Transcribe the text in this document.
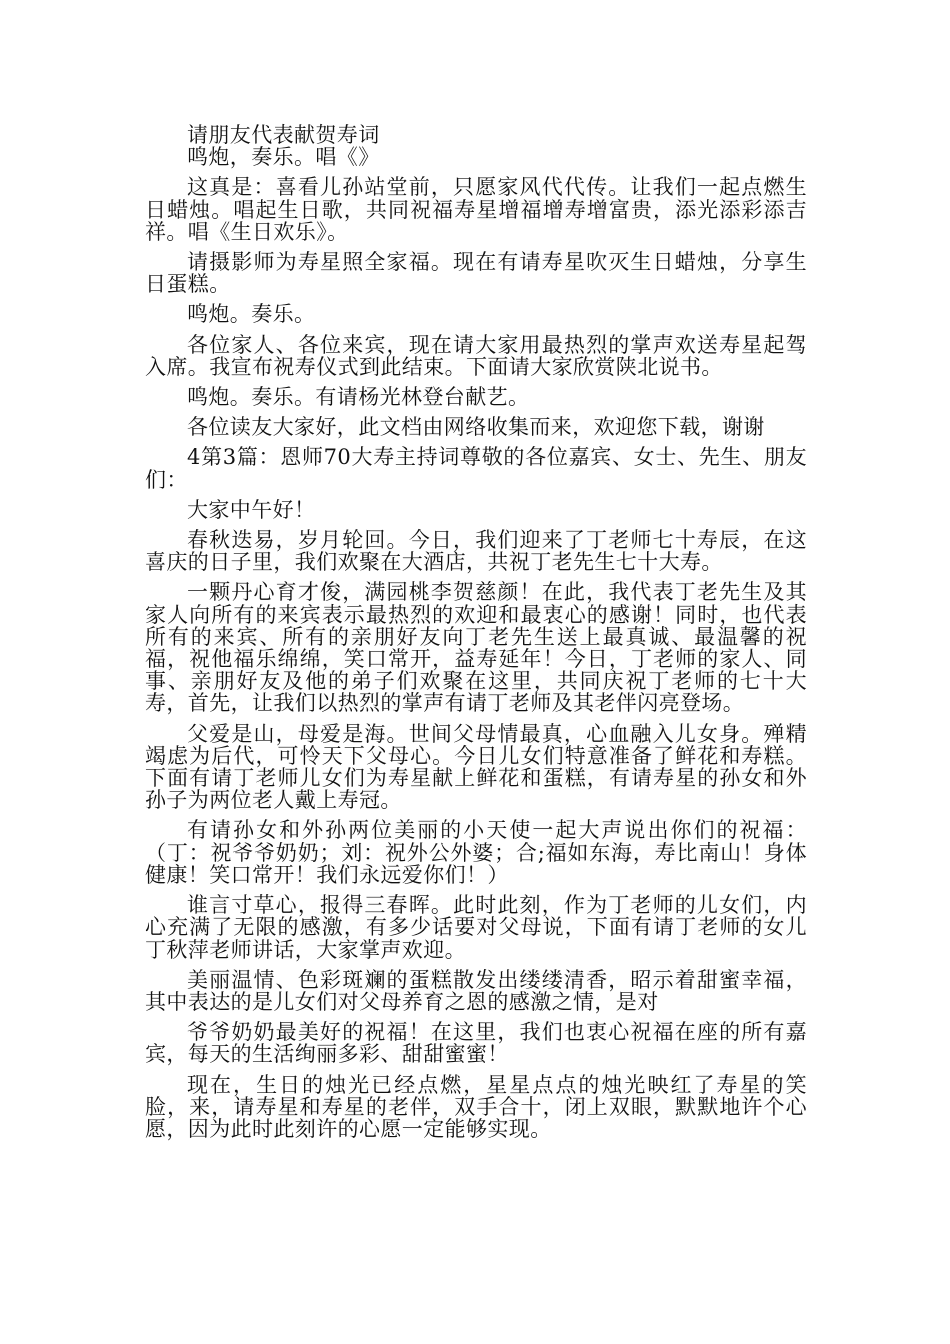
请朋友代表献贺寿词

鸣炮，奏乐。唱《》

这真是：喜看儿孙站堂前，只愿家风代代传。让我们一起点燃生日蜡烛。唱起生日歌，共同祝福寿星增福增寿增富贵，添光添彩添吉祥。唱《生日欢乐》。

请摄影师为寿星照全家福。现在有请寿星吹灭生日蜡烛，分享生日蛋糕。

鸣炮。奏乐。

各位家人、各位来宾，现在请大家用最热烈的掌声欢送寿星起驾入席。我宣布祝寿仪式到此结束。下面请大家欣赏陕北说书。

鸣炮。奏乐。有请杨光林登台献艺。

各位读友大家好，此文档由网络收集而来，欢迎您下载，谢谢

4第3篇：恩师70大寿主持词尊敬的各位嘉宾、女士、先生、朋友们：

大家中午好！

春秋迭易，岁月轮回。今日，我们迎来了丁老师七十寿辰，在这喜庆的日子里，我们欢聚在大酒店，共祝丁老先生七十大寿。

一颗丹心育才俊，满园桃李贺慈颜！在此，我代表丁老先生及其家人向所有的来宾表示最热烈的欢迎和最衷心的感谢！同时，也代表所有的来宾、所有的亲朋好友向丁老先生送上最真诚、最温馨的祝福，祝他福乐绵绵，笑口常开，益寿延年！今日，丁老师的家人、同事、亲朋好友及他的弟子们欢聚在这里，共同庆祝丁老师的七十大寿，首先，让我们以热烈的掌声有请丁老师及其老伴闪亮登场。

父爱是山，母爱是海。世间父母情最真，心血融入儿女身。殚精竭虑为后代，可怜天下父母心。今日儿女们特意准备了鲜花和寿糕。下面有请丁老师儿女们为寿星献上鲜花和蛋糕，有请寿星的孙女和外孙子为两位老人戴上寿冠。

有请孙女和外孙两位美丽的小天使一起大声说出你们的祝福：（丁：祝爷爷奶奶；刘：祝外公外婆；合;福如东海，寿比南山！身体健康！笑口常开！我们永远爱你们！）

谁言寸草心，报得三春晖。此时此刻，作为丁老师的儿女们，内心充满了无限的感激，有多少话要对父母说，下面有请丁老师的女儿丁秋萍老师讲话，大家掌声欢迎。

美丽温情、色彩斑斓的蛋糕散发出缕缕清香，昭示着甜蜜幸福，其中表达的是儿女们对父母养育之恩的感激之情，是对

爷爷奶奶最美好的祝福！在这里，我们也衷心祝福在座的所有嘉宾，每天的生活绚丽多彩、甜甜蜜蜜！

现在，生日的烛光已经点燃，星星点点的烛光映红了寿星的笑脸，来，请寿星和寿星的老伴，双手合十，闭上双眼，默默地许个心愿，因为此时此刻许的心愿一定能够实现。
